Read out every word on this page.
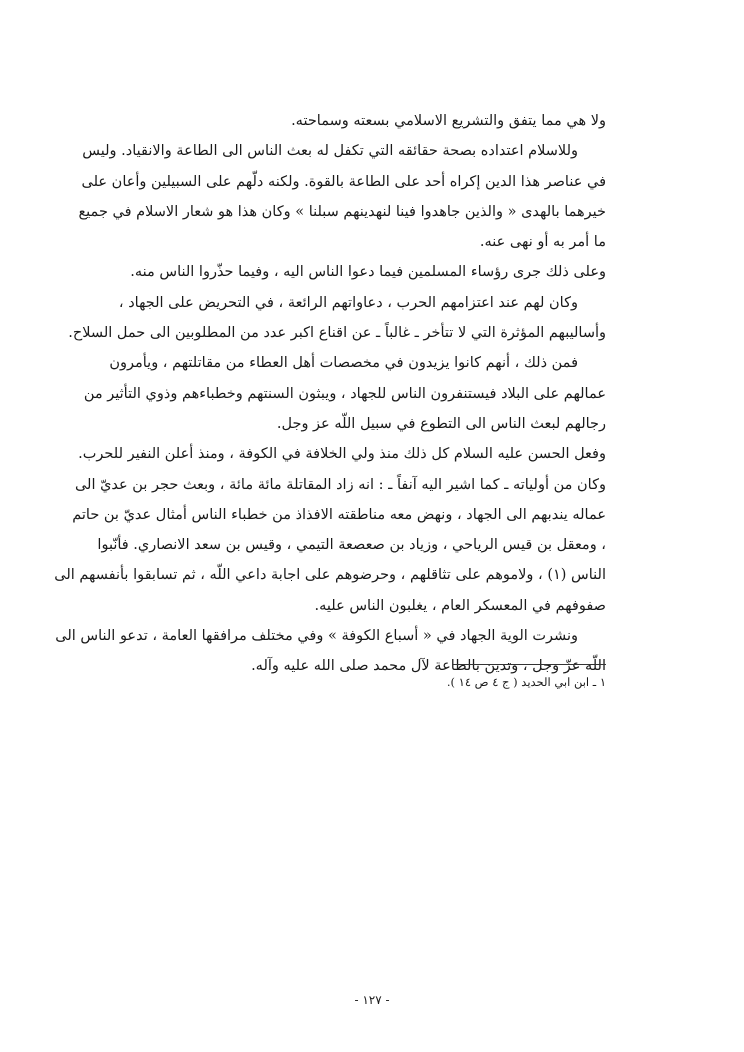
ولا هي مما يتفق والتشريع الاسلامي بسعته وسماحته.
وللاسلام اعتداده بصحة حقائقه التي تكفل له بعث الناس الى الطاعة والانقياد. وليس
في عناصر هذا الدين إكراه أحد على الطاعة بالقوة. ولكنه دلّهم على السبيلين وأعان على
خيرهما بالهدى « والذين جاهدوا فينا لنهدينهم سبلنا » وكان هذا هو شعار الاسلام في جميع
ما أمر به أو نهى عنه.
وعلى ذلك جرى رؤساء المسلمين فيما دعوا الناس اليه ، وفيما حذّروا الناس منه.
وكان لهم عند اعتزامهم الحرب ، دعاواتهم الرائعة ، في التحريض على الجهاد ،
وأساليبهم المؤثرة التي لا تتأخر ـ غالباً ـ عن اقناع اكبر عدد من المطلوبين الى حمل السلاح.
فمن ذلك ، أنهم كانوا يزيدون في مخصصات أهل العطاء من مقاتلتهم ، ويأمرون
عمالهم على البلاد فيستنفرون الناس للجهاد ، ويبثون السنتهم وخطباءهم وذوي التأثير من
رجالهم لبعث الناس الى التطوع في سبيل اللّه عز وجل.
وفعل الحسن عليه السلام كل ذلك منذ ولي الخلافة في الكوفة ، ومنذ أعلن النفير للحرب.
وكان من أولياته ـ كما اشير اليه آنفاً ـ : انه زاد المقاتلة مائة مائة ، وبعث حجر بن عديّ الى
عماله يندبهم الى الجهاد ، ونهض معه مناطقته الافذاذ من خطباء الناس أمثال عديّ بن حاتم
، ومعقل بن قيس الرياحي ، وزياد بن صعصعة التيمي ، وقيس بن سعد الانصاري. فأنّبوا
الناس (١) ، ولاموهم على تثاقلهم ، وحرضوهم على اجابة داعي اللّه ، ثم تسابقوا بأنفسهم الى
صفوفهم في المعسكر العام ، يغلبون الناس عليه.
ونشرت الوية الجهاد في « أسباع الكوفة » وفي مختلف مرافقها العامة ، تدعو الناس الى
اللّه عزّ وجل ، وتدين بالطاعة لآل محمد صلى الله عليه وآله.
١ ـ ابن ابي الحديد ( ج ٤ ص ١٤ ).
- ١٢٧ -
